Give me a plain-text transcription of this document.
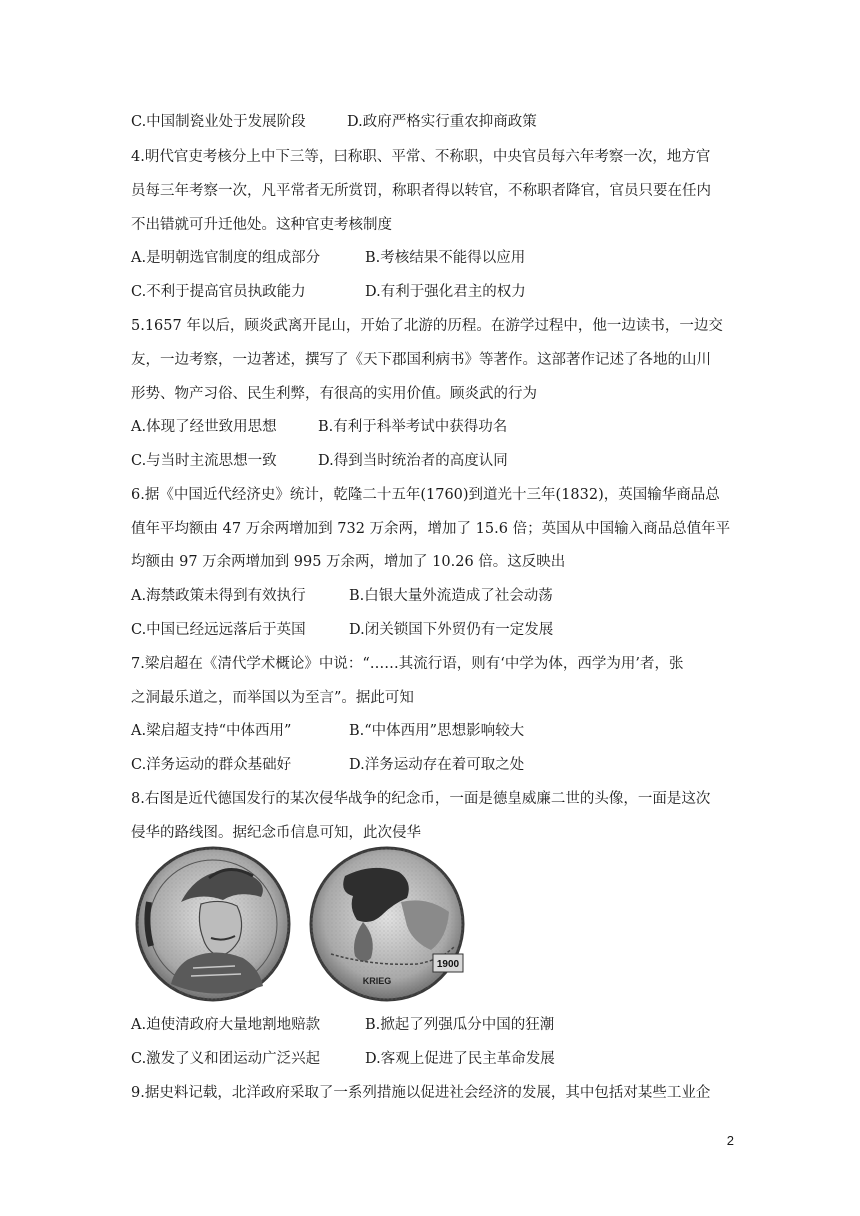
C.中国制瓷业处于发展阶段	D.政府严格实行重农抑商政策
4.明代官吏考核分上中下三等，曰称职、平常、不称职，中央官员每六年考察一次，地方官
员每三年考察一次，凡平常者无所赏罚，称职者得以转官，不称职者降官，官员只要在任内
不出错就可升迁他处。这种官吏考核制度
A.是明朝选官制度的组成部分	B.考核结果不能得以应用
C.不利于提高官员执政能力	D.有利于强化君主的权力
5.1657 年以后，顾炎武离开昆山，开始了北游的历程。在游学过程中，他一边读书，一边交
友，一边考察，一边著述，撰写了《天下郡国利病书》等著作。这部著作记述了各地的山川
形势、物产习俗、民生利弊，有很高的实用价值。顾炎武的行为
A.体现了经世致用思想	B.有利于科举考试中获得功名
C.与当时主流思想一致	D.得到当时统治者的高度认同
6.据《中国近代经济史》统计，乾隆二十五年(1760)到道光十三年(1832)，英国输华商品总
值年平均额由 47 万余两增加到 732 万余两，增加了 15.6 倍；英国从中国输入商品总值年平
均额由 97 万余两增加到 995 万余两，增加了 10.26 倍。这反映出
A.海禁政策未得到有效执行	B.白银大量外流造成了社会动荡
C.中国已经远远落后于英国	D.闭关锁国下外贸仍有一定发展
7.梁启超在《清代学术概论》中说：“……其流行语，则有‘中学为体，西学为用’者，张
之洞最乐道之，而举国以为至言”。据此可知
A.梁启超支持“中体西用”	B.“中体西用”思想影响较大
C.洋务运动的群众基础好	D.洋务运动存在着可取之处
8.右图是近代德国发行的某次侵华战争的纪念币，一面是德皇威廉二世的头像，一面是这次
侵华的路线图。据纪念币信息可知，此次侵华
1900
KRIEG
A.迫使清政府大量地割地赔款	B.掀起了列强瓜分中国的狂潮
C.激发了义和团运动广泛兴起	D.客观上促进了民主革命发展
9.据史料记载，北洋政府采取了一系列措施以促进社会经济的发展，其中包括对某些工业企
2
